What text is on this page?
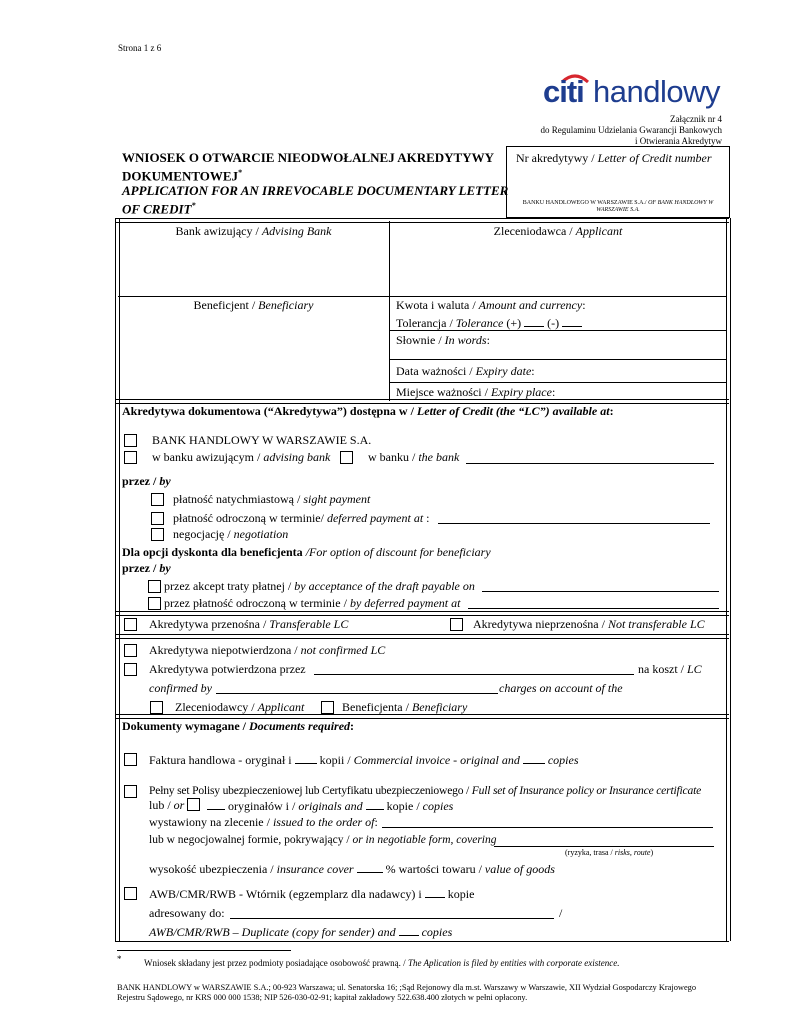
Strona 1 z 6
citi handlowy
Załącznik nr 4
do Regulaminu Udzielania Gwarancji Bankowych
i Otwierania Akredytyw
WNIOSEK O OTWARCIE NIEODWOŁALNEJ AKREDYTYWY
DOKUMENTOWEJ*
APPLICATION FOR AN IRREVOCABLE DOCUMENTARY LETTER
OF CREDIT*
Nr akredytywy / Letter of Credit number
BANKU HANDLOWEGO W WARSZAWIE S.A./ OF BANK HANDLOWY W WARSZAWIE S.A.
Bank awizujący / Advising Bank	Zleceniodawca / Applicant
Beneficjent / Beneficiary	Kwota i waluta / Amount and currency:
Tolerancja / Tolerance (+) (-)
Słownie / In words:
Data ważności / Expiry date:
Miejsce ważności / Expiry place:
Akredytywa dokumentowa (“Akredytywa”) dostępna w / Letter of Credit (the “LC”) available at:
BANK HANDLOWY W WARSZAWIE S.A.
w banku awizującym / advising bank	w banku / the bank
przez / by
płatność natychmiastową / sight payment
płatność odroczoną w terminie/ deferred payment at :
negocjację / negotiation
Dla opcji dyskonta dla beneficjenta /For option of discount for beneficiary
przez / by
przez akcept traty płatnej / by acceptance of the draft payable on
przez płatność odroczoną w terminie / by deferred payment at
Akredytywa przenośna / Transferable LC	Akredytywa nieprzenośna / Not transferable LC
Akredytywa niepotwierdzona / not confirmed LC
Akredytywa potwierdzona przez	na koszt / LC
confirmed by	charges on account of the
Zleceniodawcy / Applicant	Beneficjenta / Beneficiary
Dokumenty wymagane / Documents required:
Faktura handlowa - oryginał i  kopii / Commercial invoice - original and  copies
Pełny set Polisy ubezpieczeniowej lub Certyfikatu ubezpieczeniowego / Full set of Insurance policy or Insurance certificate
lub / or	oryginałów i / originals and  kopie / copies
wystawiony na zlecenie / issued to the order of:
lub w negocjowalnej formie, pokrywający / or in negotiable form, covering
(ryzyka, trasa / risks, route)
wysokość ubezpieczenia / insurance cover  % wartości towaru / value of goods
AWB/CMR/RWB - Wtórnik (egzemplarz dla nadawcy) i  kopie
adresowany do:	/
AWB/CMR/RWB – Duplicate (copy for sender) and  copies
*	Wniosek składany jest przez podmioty posiadające osobowość prawną. / The Aplication is filed by entities with corporate existence.
BANK HANDLOWY w WARSZAWIE S.A.; 00-923 Warszawa; ul. Senatorska 16; ;Sąd Rejonowy dla m.st. Warszawy w Warszawie, XII Wydział Gospodarczy Krajowego
Rejestru Sądowego, nr KRS 000 000 1538; NIP 526-030-02-91; kapitał zakładowy 522.638.400 złotych w pełni opłacony.
